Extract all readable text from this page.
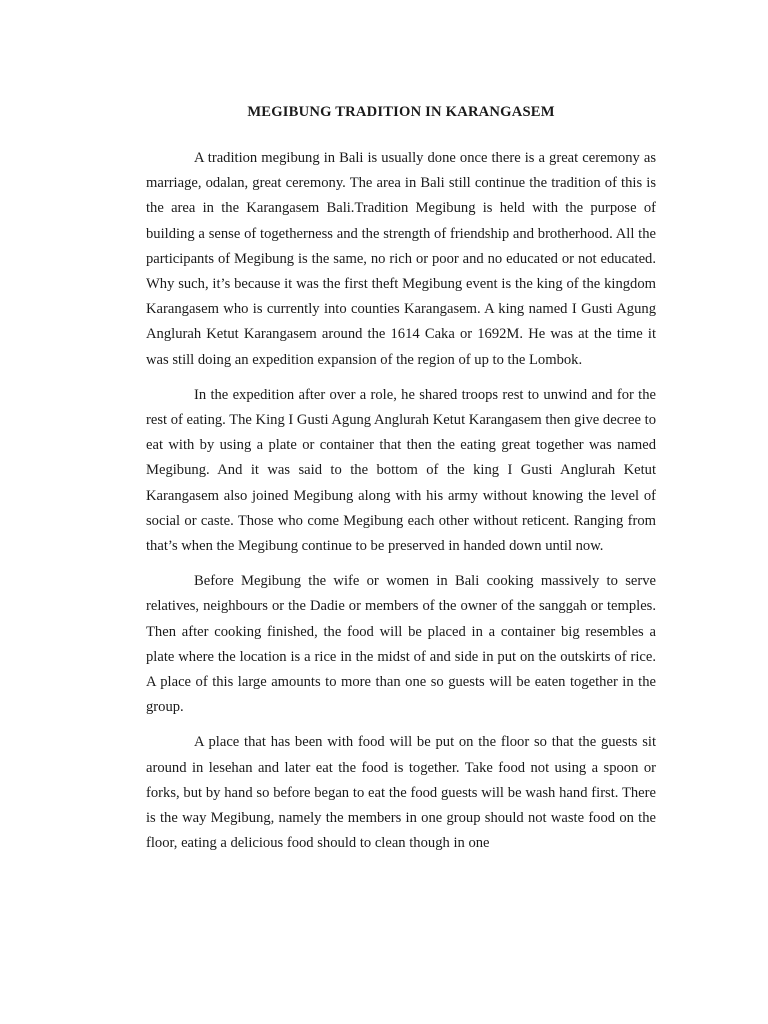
MEGIBUNG TRADITION IN KARANGASEM

A tradition megibung in Bali is usually done once there is a great ceremony as marriage, odalan, great ceremony. The area in Bali still continue the tradition of this is the area in the Karangasem Bali.Tradition Megibung is held with the purpose of building a sense of togetherness and the strength of friendship and brotherhood. All the participants of Megibung is the same, no rich or poor and no educated or not educated. Why such, it’s because it was the first theft Megibung event is the king of the kingdom Karangasem who is currently into counties Karangasem. A king named I Gusti Agung Anglurah Ketut Karangasem around the 1614 Caka or 1692M. He was at the time it was still doing an expedition expansion of the region of up to the Lombok.

In the expedition after over a role, he shared troops rest to unwind and for the rest of eating. The King I Gusti Agung Anglurah Ketut Karangasem then give decree to eat with by using a plate or container that then the eating great together was named Megibung. And it was said to the bottom of the king I Gusti Anglurah Ketut Karangasem also joined Megibung along with his army without knowing the level of social or caste. Those who come Megibung each other without reticent. Ranging from that’s when the Megibung continue to be preserved in handed down until now.

Before Megibung the wife or women in Bali cooking massively to serve relatives, neighbours or the Dadie or members of the owner of the sanggah or temples. Then after cooking finished, the food will be placed in a container big resembles a plate where the location is a rice in the midst of and side in put on the outskirts of rice. A place of this large amounts to more than one so guests will be eaten together in the group.

A place that has been with food will be put on the floor so that the guests sit around in lesehan and later eat the food is together. Take food not using a spoon or forks, but by hand so before began to eat the food guests will be wash hand first. There is the way Megibung, namely the members in one group should not waste food on the floor, eating a delicious food should to clean though in one
